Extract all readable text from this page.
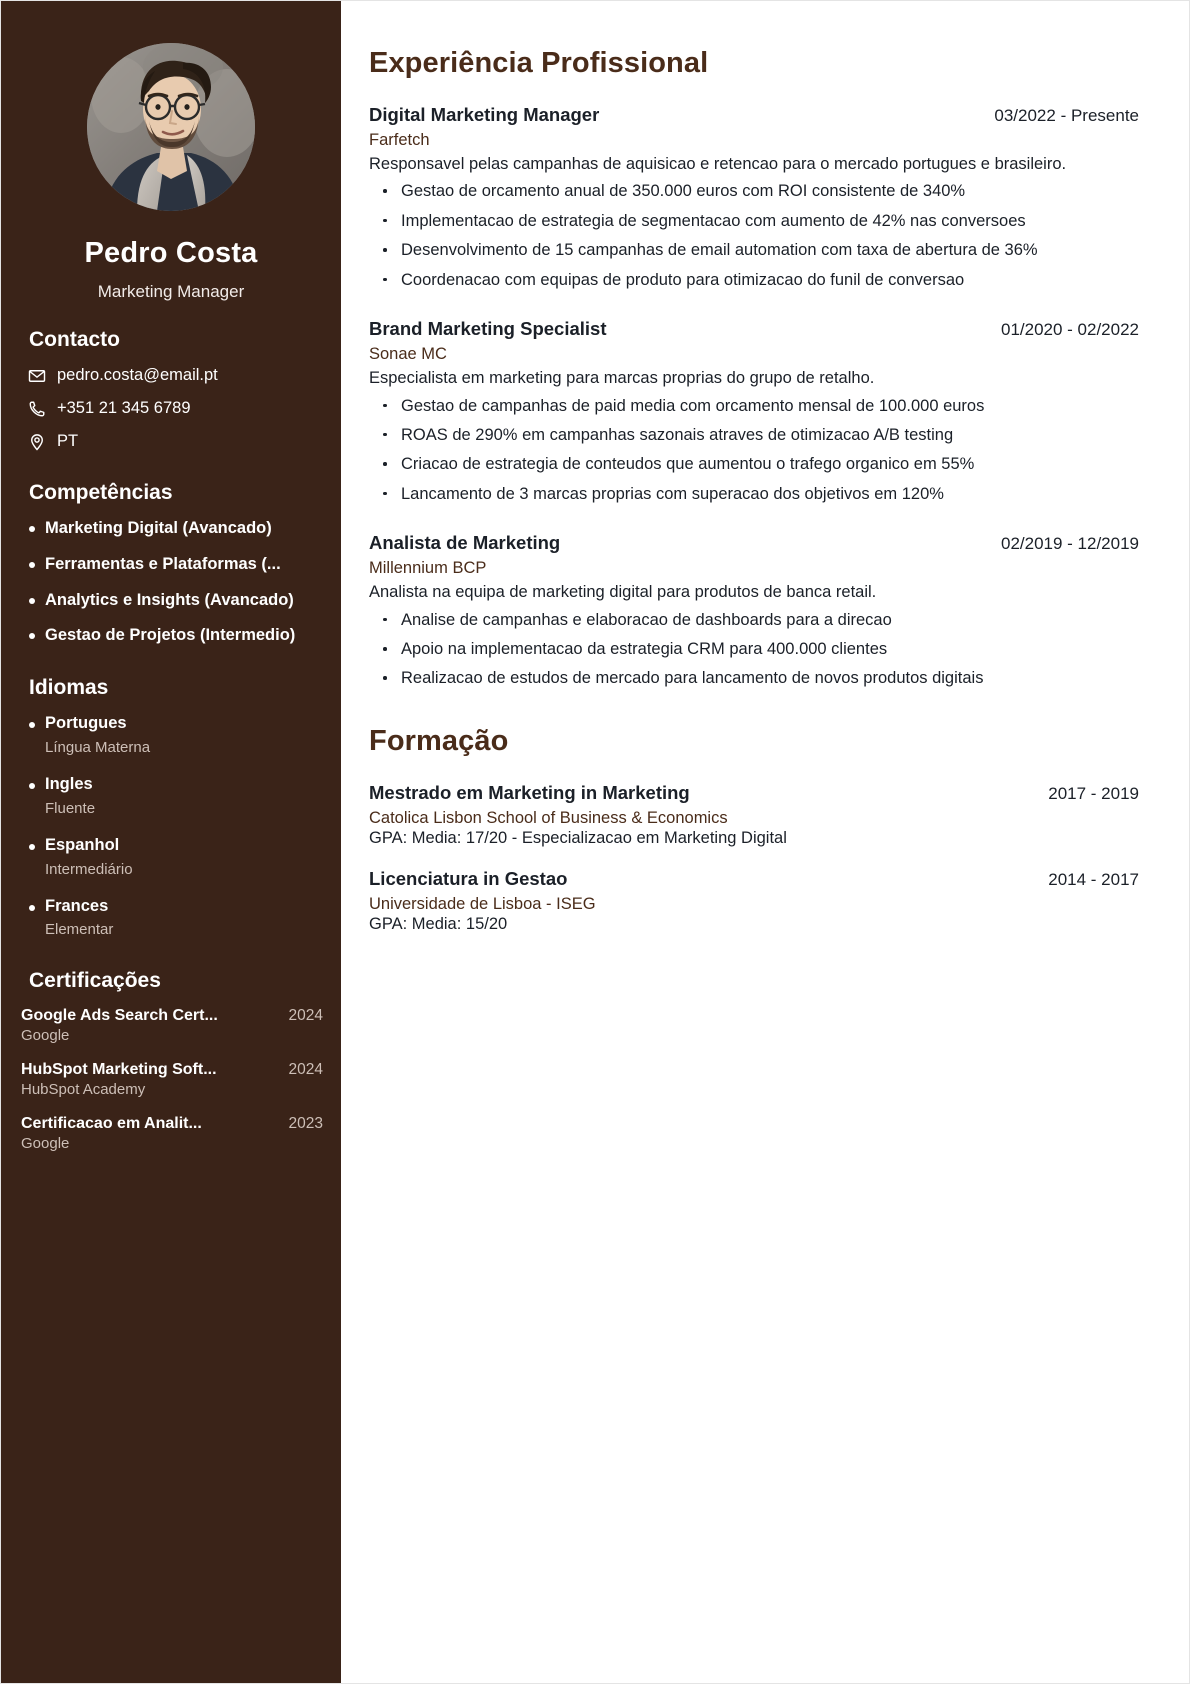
Pedro Costa
Marketing Manager
Contacto
pedro.costa@email.pt
+351 21 345 6789
PT
Competências
Marketing Digital (Avancado)
Ferramentas e Plataformas (...
Analytics e Insights (Avancado)
Gestao de Projetos (Intermedio)
Idiomas
Portugues
Língua Materna
Ingles
Fluente
Espanhol
Intermediário
Frances
Elementar
Certificações
Google Ads Search Cert...	2024
Google
HubSpot Marketing Soft...	2024
HubSpot Academy
Certificacao em Analit...	2023
Google
Experiência Profissional
Digital Marketing Manager	03/2022 - Presente
Farfetch
Responsavel pelas campanhas de aquisicao e retencao para o mercado portugues e brasileiro.
Gestao de orcamento anual de 350.000 euros com ROI consistente de 340%
Implementacao de estrategia de segmentacao com aumento de 42% nas conversoes
Desenvolvimento de 15 campanhas de email automation com taxa de abertura de 36%
Coordenacao com equipas de produto para otimizacao do funil de conversao
Brand Marketing Specialist	01/2020 - 02/2022
Sonae MC
Especialista em marketing para marcas proprias do grupo de retalho.
Gestao de campanhas de paid media com orcamento mensal de 100.000 euros
ROAS de 290% em campanhas sazonais atraves de otimizacao A/B testing
Criacao de estrategia de conteudos que aumentou o trafego organico em 55%
Lancamento de 3 marcas proprias com superacao dos objetivos em 120%
Analista de Marketing	02/2019 - 12/2019
Millennium BCP
Analista na equipa de marketing digital para produtos de banca retail.
Analise de campanhas e elaboracao de dashboards para a direcao
Apoio na implementacao da estrategia CRM para 400.000 clientes
Realizacao de estudos de mercado para lancamento de novos produtos digitais
Formação
Mestrado em Marketing in Marketing	2017 - 2019
Catolica Lisbon School of Business & Economics
GPA: Media: 17/20 - Especializacao em Marketing Digital
Licenciatura in Gestao	2014 - 2017
Universidade de Lisboa - ISEG
GPA: Media: 15/20
